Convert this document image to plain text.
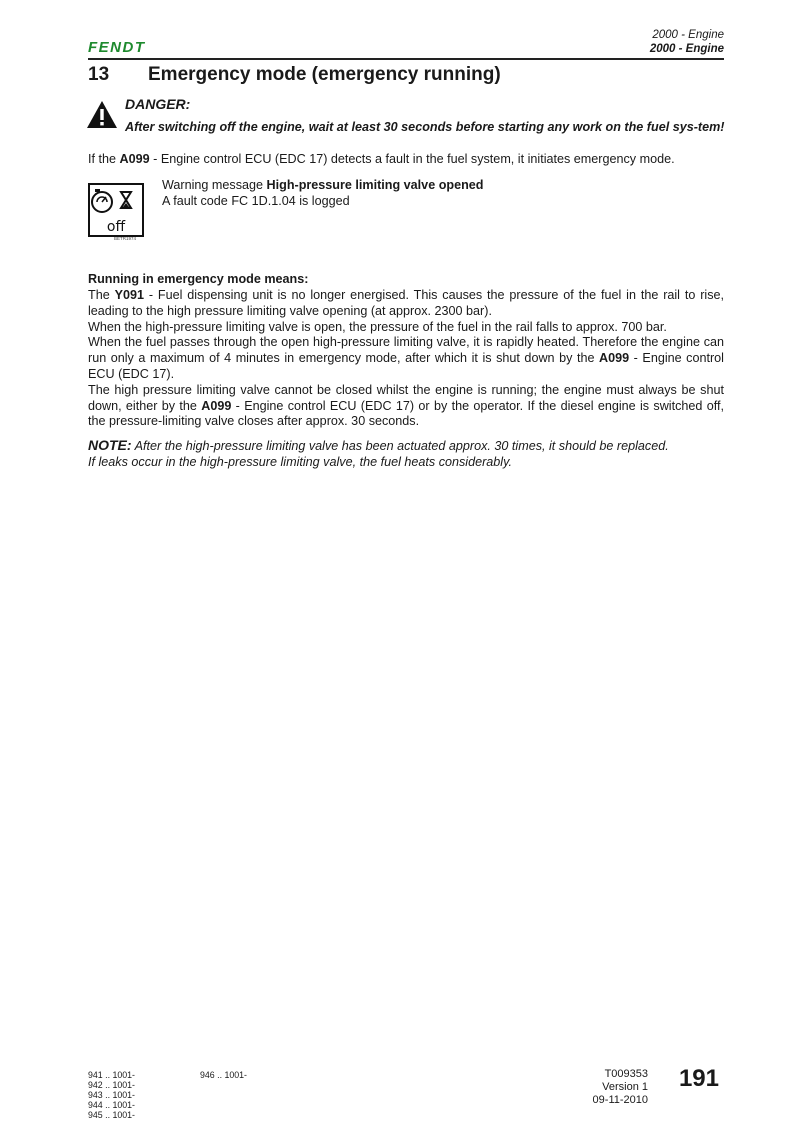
FENDT
2000 - Engine
2000 - Engine
13 Emergency mode (emergency running)
DANGER:
After switching off the engine, wait at least 30 seconds before starting any work on the fuel sys-tem!
If the A099 - Engine control ECU (EDC 17) detects a fault in the fuel system, it initiates emergency mode.
off
BETR1974
Warning message High-pressure limiting valve opened
A fault code FC 1D.1.04 is logged
Running in emergency mode means:

The Y091 - Fuel dispensing unit is no longer energised. This causes the pressure of the fuel in the rail to rise, leading to the high pressure limiting valve opening (at approx. 2300 bar).

When the high-pressure limiting valve is open, the pressure of the fuel in the rail falls to approx. 700 bar.

When the fuel passes through the open high-pressure limiting valve, it is rapidly heated. Therefore the engine can run only a maximum of 4 minutes in emergency mode, after which it is shut down by the A099 - Engine control ECU (EDC 17).

The high pressure limiting valve cannot be closed whilst the engine is running; the engine must always be shut down, either by the A099 - Engine control ECU (EDC 17) or by the operator. If the diesel engine is switched off, the pressure-limiting valve closes after approx. 30 seconds.

NOTE: After the high-pressure limiting valve has been actuated approx. 30 times, it should be replaced.
If leaks occur in the high-pressure limiting valve, the fuel heats considerably.
941 .. 1001-
942 .. 1001-
943 .. 1001-
944 .. 1001-
945 .. 1001-
946 .. 1001-	T009353
Version 1
09-11-2010
191
